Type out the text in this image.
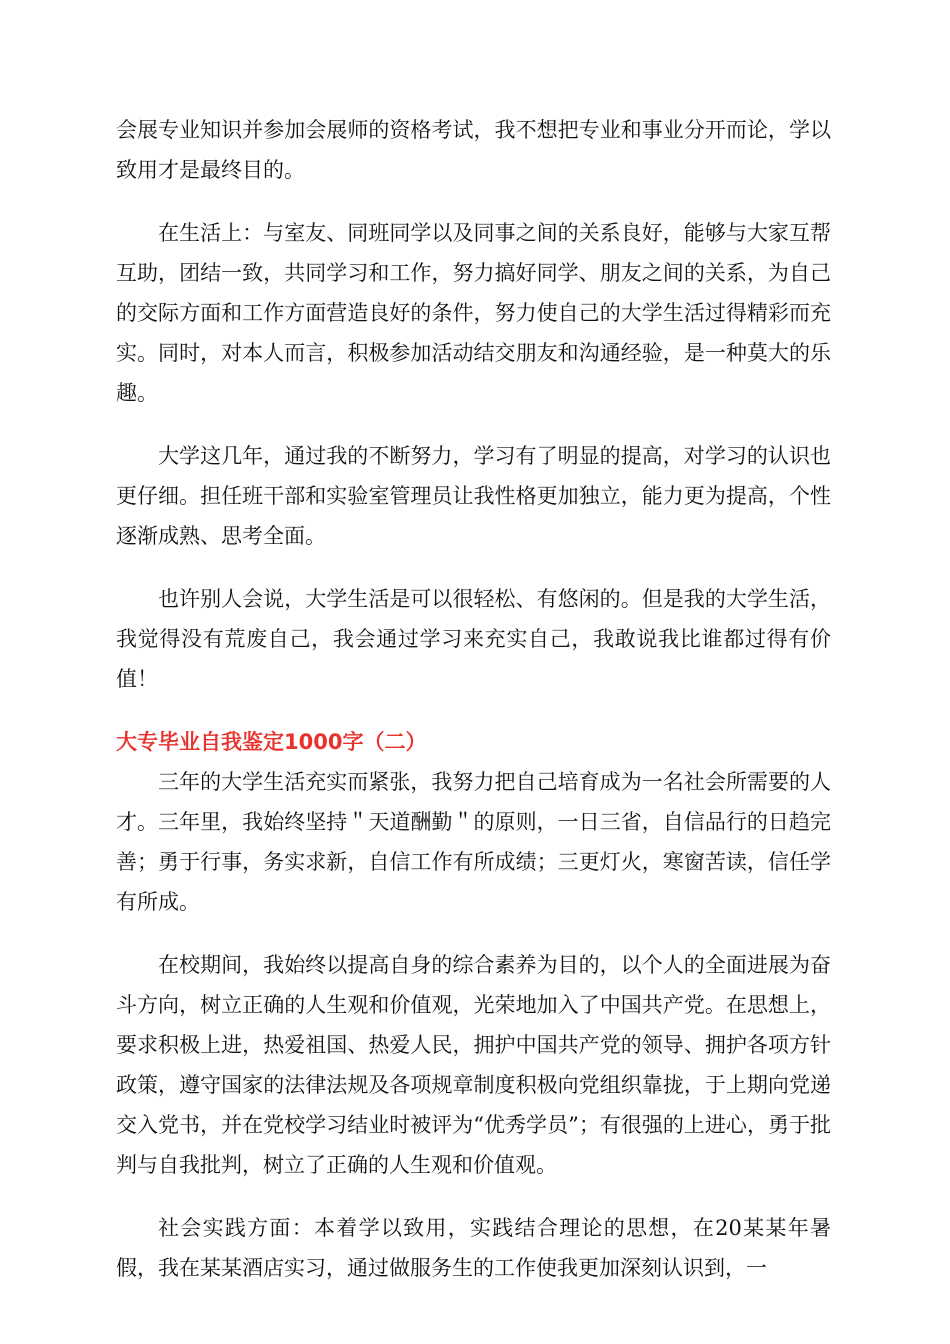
会展专业知识并参加会展师的资格考试，我不想把专业和事业分开而论，学以致用才是最终目的。

在生活上：与室友、同班同学以及同事之间的关系良好，能够与大家互帮互助，团结一致，共同学习和工作，努力搞好同学、朋友之间的关系，为自己的交际方面和工作方面营造良好的条件，努力使自己的大学生活过得精彩而充实。同时，对本人而言，积极参加活动结交朋友和沟通经验，是一种莫大的乐趣。

大学这几年，通过我的不断努力，学习有了明显的提高，对学习的认识也更仔细。担任班干部和实验室管理员让我性格更加独立，能力更为提高，个性逐渐成熟、思考全面。

也许别人会说，大学生活是可以很轻松、有悠闲的。但是我的大学生活，我觉得没有荒废自己，我会通过学习来充实自己，我敢说我比谁都过得有价值！

大专毕业自我鉴定1000字（二）

三年的大学生活充实而紧张，我努力把自己培育成为一名社会所需要的人才。三年里，我始终坚持＂天道酬勤＂的原则，一日三省，自信品行的日趋完善；勇于行事，务实求新，自信工作有所成绩；三更灯火，寒窗苦读，信任学有所成。

在校期间，我始终以提高自身的综合素养为目的，以个人的全面进展为奋斗方向，树立正确的人生观和价值观，光荣地加入了中国共产党。在思想上，要求积极上进，热爱祖国、热爱人民，拥护中国共产党的领导、拥护各项方针政策，遵守国家的法律法规及各项规章制度积极向党组织靠拢，于上期向党递交入党书，并在党校学习结业时被评为“优秀学员”；有很强的上进心，勇于批判与自我批判，树立了正确的人生观和价值观。

社会实践方面：本着学以致用，实践结合理论的思想，在20某某年暑假，我在某某酒店实习，通过做服务生的工作使我更加深刻认识到，一
